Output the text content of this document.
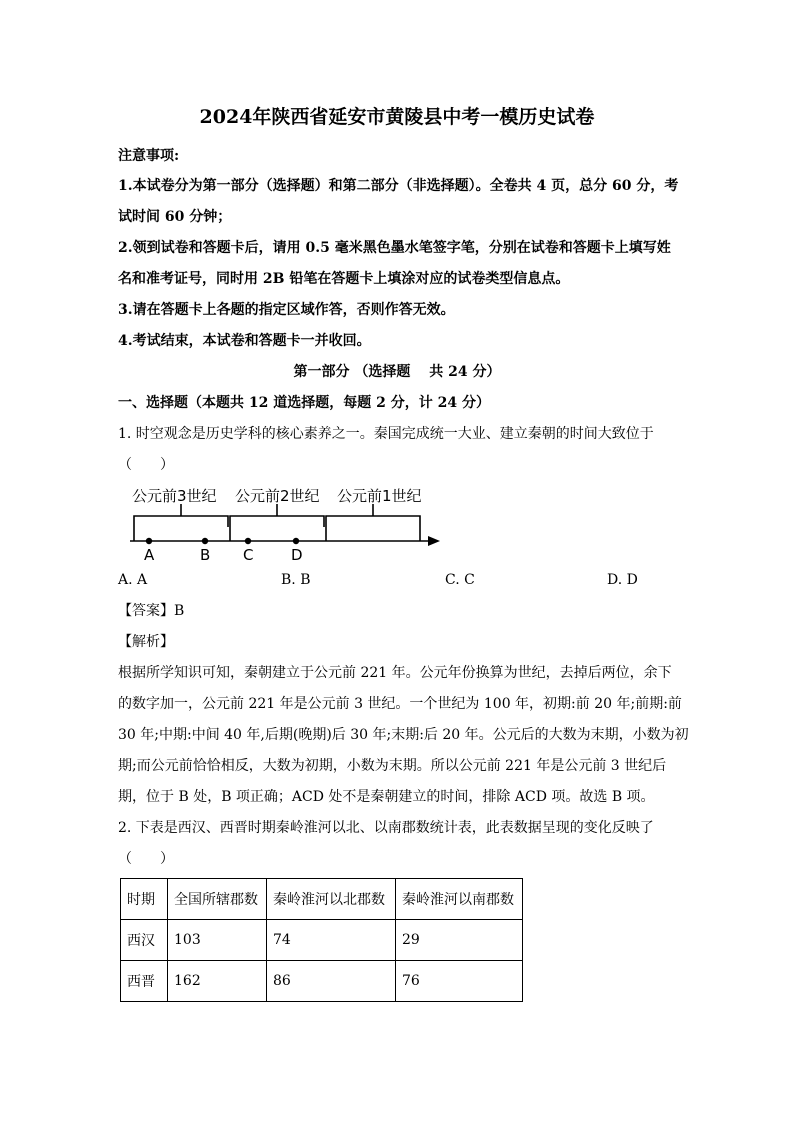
2024年陕西省延安市黄陵县中考一模历史试卷
注意事项:
1.本试卷分为第一部分（选择题）和第二部分（非选择题）。全卷共 4 页，总分 60 分，考
试时间 60 分钟；
2.领到试卷和答题卡后，请用 0.5 毫米黑色墨水笔签字笔，分别在试卷和答题卡上填写姓
名和准考证号，同时用 2B 铅笔在答题卡上填涂对应的试卷类型信息点。
3.请在答题卡上各题的指定区域作答，否则作答无效。
4.考试结束，本试卷和答题卡一并收回。
第一部分 （选择题　 共 24 分）
一、选择题（本题共 12 道选择题，每题 2 分，计 24 分）
1. 时空观念是历史学科的核心素养之一。秦国完成统一大业、建立秦朝的时间大致位于
（　　）
公元前3世纪 公元前2世纪 公元前1世纪
A	B C	D
A. A	B. B	C. C	D. D
【答案】B
【解析】
根据所学知识可知，秦朝建立于公元前 221 年。公元年份换算为世纪，去掉后两位，余下
的数字加一，公元前 221 年是公元前 3 世纪。一个世纪为 100 年，初期:前 20 年;前期:前
30 年;中期:中间 40 年,后期(晚期)后 30 年;末期:后 20 年。公元后的大数为末期，小数为初
期;而公元前恰恰相反，大数为初期，小数为末期。所以公元前 221 年是公元前 3 世纪后
期，位于 B 处，B 项正确；ACD 处不是秦朝建立的时间，排除 ACD 项。故选 B 项。
2. 下表是西汉、西晋时期秦岭淮河以北、以南郡数统计表，此表数据呈现的变化反映了
（　　）
时期	全国所辖郡数	秦岭淮河以北郡数	秦岭淮河以南郡数
西汉	103	74	29
西晋	162	86	76
